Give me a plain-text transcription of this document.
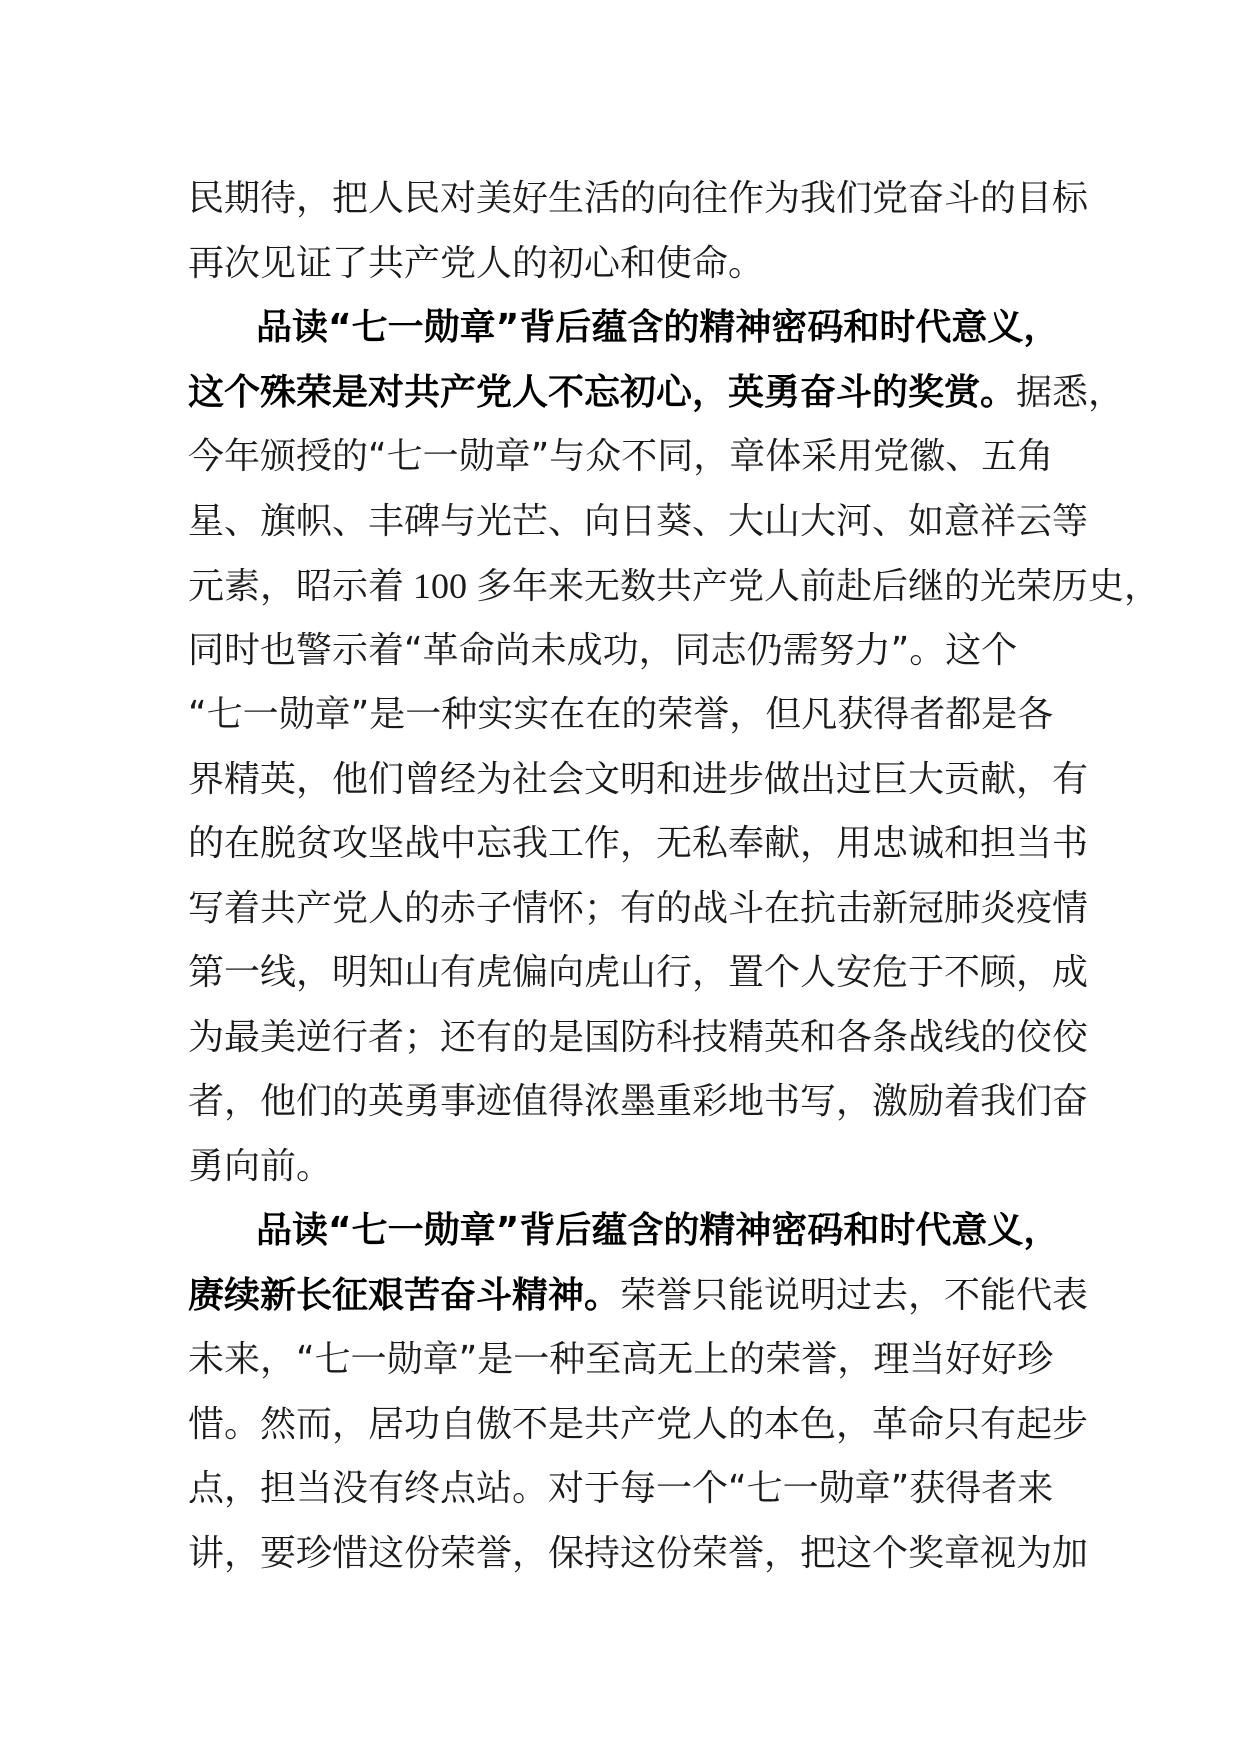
民期待，把人民对美好生活的向往作为我们党奋斗的目标
再次见证了共产党人的初心和使命。
品读“七一勋章”背后蕴含的精神密码和时代意义，
这个殊荣是对共产党人不忘初心，英勇奋斗的奖赏。据悉，
今年颁授的“七一勋章”与众不同，章体采用党徽、五角
星、旗帜、丰碑与光芒、向日葵、大山大河、如意祥云等
元素，昭示着 100 多年来无数共产党人前赴后继的光荣历史，
同时也警示着“革命尚未成功，同志仍需努力”。这个
“七一勋章”是一种实实在在的荣誉，但凡获得者都是各
界精英，他们曾经为社会文明和进步做出过巨大贡献，有
的在脱贫攻坚战中忘我工作，无私奉献，用忠诚和担当书
写着共产党人的赤子情怀；有的战斗在抗击新冠肺炎疫情
第一线，明知山有虎偏向虎山行，置个人安危于不顾，成
为最美逆行者；还有的是国防科技精英和各条战线的佼佼
者，他们的英勇事迹值得浓墨重彩地书写，激励着我们奋
勇向前。
品读“七一勋章”背后蕴含的精神密码和时代意义，
赓续新长征艰苦奋斗精神。荣誉只能说明过去，不能代表
未来，“七一勋章”是一种至高无上的荣誉，理当好好珍
惜。然而，居功自傲不是共产党人的本色，革命只有起步
点，担当没有终点站。对于每一个“七一勋章”获得者来
讲，要珍惜这份荣誉，保持这份荣誉，把这个奖章视为加
